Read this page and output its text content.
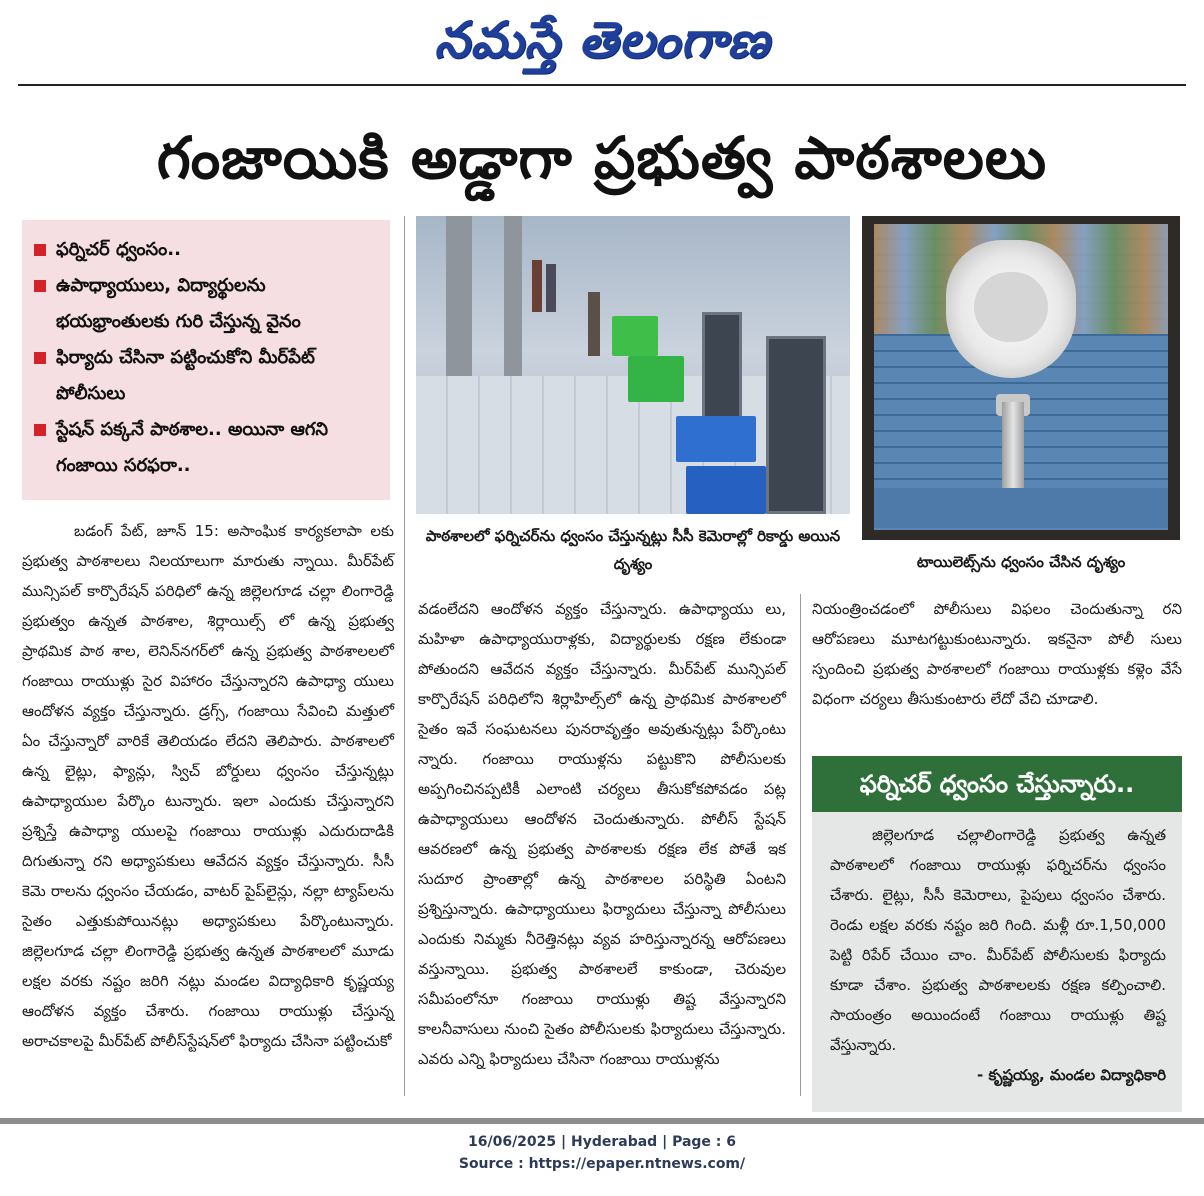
నమస్తే తెలంగాణ
గంజాయికి అడ్డాగా ప్రభుత్వ పాఠశాలలు
ఫర్నిచర్ ధ్వంసం..
ఉపాధ్యాయులు, విద్యార్థులను భయభ్రాంతులకు గురి చేస్తున్న వైనం
ఫిర్యాదు చేసినా పట్టించుకోని మీర్‌పేట్ పోలీసులు
స్టేషన్ పక్కనే పాఠశాల.. అయినా ఆగని గంజాయి సరఫరా..
పాఠశాలలో ఫర్నిచర్‌ను ధ్వంసం చేస్తున్నట్లు సీసీ కెమెరాల్లో రికార్డు అయిన దృశ్యం	టాయిలెట్స్‌ను ధ్వంసం చేసిన దృశ్యం

బడంగ్ పేట్, జూన్ 15: అసాంఘిక కార్యకలాపా లకు ప్రభుత్వ పాఠశాలలు నిలయాలుగా మారుతు న్నాయి. మీర్‌పేట్ మున్సిపల్ కార్పొరేషన్ పరిధిలో ఉన్న జిల్లెలగూడ చల్లా లింగారెడ్డి ప్రభుత్వం ఉన్నత పాఠశాల, శిర్లాయిల్స్ లో ఉన్న ప్రభుత్వ ప్రాథమిక పాఠ శాల, లెనిన్‌నగర్‌లో ఉన్న ప్రభుత్వ పాఠశాలలలో గంజాయి రాయుళ్లు సైర విహారం చేస్తున్నారని ఉపాధ్యా యులు ఆందోళన వ్యక్తం చేస్తున్నారు. డ్రగ్స్, గంజాయి సేవించి మత్తులో ఏం చేస్తున్నారో వారికే తెలియడం లేదని తెలిపారు. పాఠశాలలో ఉన్న లైట్లు, ఫ్యాన్లు, స్విచ్ బోర్డులు ధ్వంసం చేస్తున్నట్లు ఉపాధ్యాయుల పేర్కొం టున్నారు. ఇలా ఎందుకు చేస్తున్నారని ప్రశ్నిస్తే ఉపాధ్యా యులపై గంజాయి రాయుళ్లు ఎదురుదాడికి దిగుతున్నా రని అధ్యాపకులు ఆవేదన వ్యక్తం చేస్తున్నారు. సీసీ కెమె రాలను ధ్వంసం చేయడం, వాటర్ పైప్‌లైన్లు, నల్లా ట్యాప్‌లను సైతం ఎత్తుకుపోయినట్లు అధ్యాపకులు పేర్కొంటున్నారు. జిల్లెలగూడ చల్లా లింగారెడ్డి ప్రభుత్వ ఉన్నత పాఠశాలలో మూడు లక్షల వరకు నష్టం జరిగి నట్లు మండల విద్యాధికారి కృష్ణయ్య ఆందోళన వ్యక్తం చేశారు. గంజాయి రాయుళ్లు చేస్తున్న అరాచకాలపై మీర్‌పేట్ పోలీస్‌స్టేషన్‌లో ఫిర్యాదు చేసినా పట్టించుకో

వడంలేదని ఆందోళన వ్యక్తం చేస్తున్నారు. ఉపాధ్యాయు లు, మహిళా ఉపాధ్యాయురాళ్లకు, విద్యార్థులకు రక్షణ లేకుండా పోతుందని ఆవేదన వ్యక్తం చేస్తున్నారు. మీర్‌పేట్ మున్సిపల్ కార్పొరేషన్ పరిధిలోని శిర్లాహిల్స్‌లో ఉన్న ప్రాథమిక పాఠశాలలో సైతం ఇవే సంఘటనలు పునరావృత్తం అవుతున్నట్లు పేర్కొంటు న్నారు. గంజాయి రాయుళ్లను పట్టుకొని పోలీసులకు అప్పగించినప్పటికీ ఎలాంటి చర్యలు తీసుకోకపోవడం పట్ల ఉపాధ్యాయులు ఆందోళన చెందుతున్నారు. పోలీస్ స్టేషన్ ఆవరణలో ఉన్న ప్రభుత్వ పాఠశాలకు రక్షణ లేక పోతే ఇక సుదూర ప్రాంతాల్లో ఉన్న పాఠశాలల పరిస్థితి ఏంటని ప్రశ్నిస్తున్నారు. ఉపాధ్యాయులు ఫిర్యాదులు చేస్తున్నా పోలీసులు ఎందుకు నిమ్మకు నీరెత్తినట్లు వ్యవ హరిస్తున్నారన్న ఆరోపణలు వస్తున్నాయి. ప్రభుత్వ పాఠశాలలే కాకుండా, చెరువుల సమీపంలోనూ గంజాయి రాయుళ్లు తిష్ట వేస్తున్నారని కాలనీవాసులు నుంచి సైతం పోలీసులకు ఫిర్యాదులు చేస్తున్నారు. ఎవరు ఎన్ని ఫిర్యాదులు చేసినా గంజాయి రాయుళ్లను

నియంత్రించడంలో పోలీసులు విఫలం చెందుతున్నా రని ఆరోపణలు మూటగట్టుకుంటున్నారు. ఇకనైనా పోలీ సులు స్పందించి ప్రభుత్వ పాఠశాలలో గంజాయి రాయుళ్లకు కళ్లెం వేసే విధంగా చర్యలు తీసుకుంటారు లేదో వేచి చూడాలి.

ఫర్నిచర్ ధ్వంసం చేస్తున్నారు..

జిల్లెలగూడ చల్లాలింగారెడ్డి ప్రభుత్వ ఉన్నత పాఠశాలలో గంజాయి రాయుళ్లు ఫర్నిచర్‌ను ధ్వంసం చేశారు. లైట్లు, సీసీ కెమెరాలు, పైపులు ధ్వంసం చేశారు. రెండు లక్షల వరకు నష్టం జరి గింది. మళ్లీ రూ.1,50,000 పెట్టి రిపేర్ చేయిం చాం. మీర్‌పేట్ పోలీసులకు ఫిర్యాదు కూడా చేశాం. ప్రభుత్వ పాఠశాలలకు రక్షణ కల్పించాలి. సాయంత్రం అయిందంటే గంజాయి రాయుళ్లు తిష్ట వేస్తున్నారు.

- కృష్ణయ్య, మండల విద్యాధికారి

16/06/2025 | Hyderabad | Page : 6
Source : https://epaper.ntnews.com/
